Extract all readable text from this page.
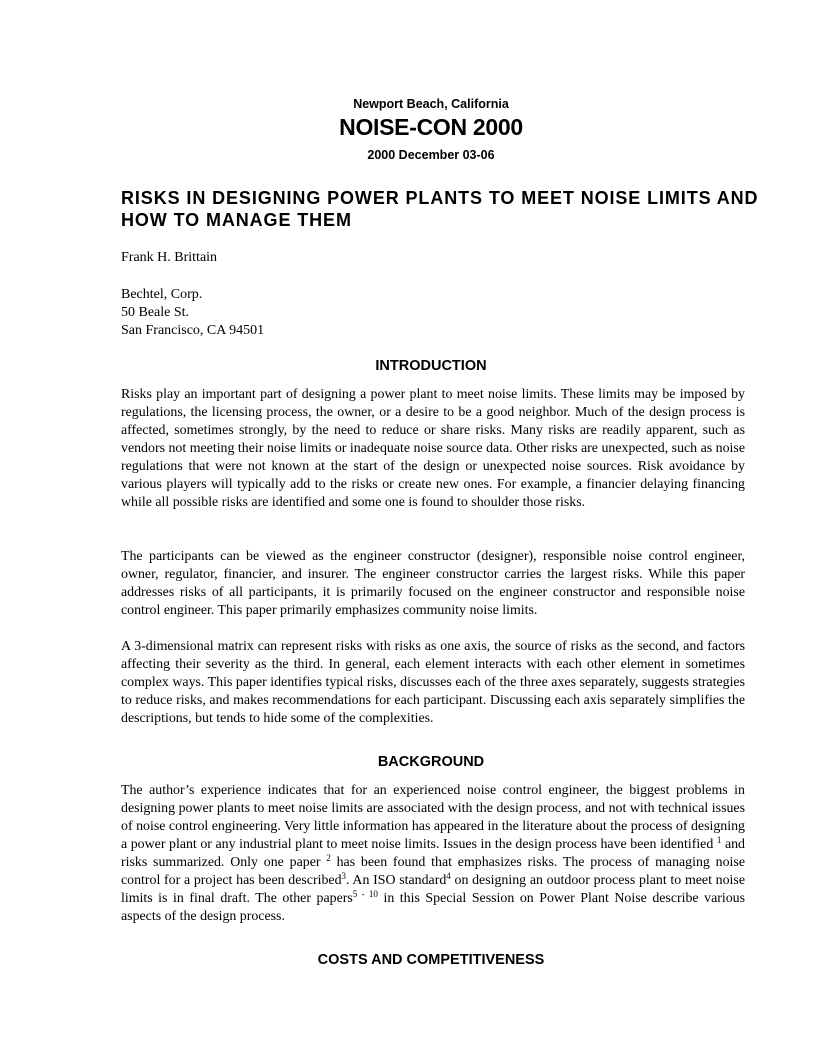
Newport Beach, California
NOISE-CON 2000
2000 December 03-06
RISKS IN DESIGNING POWER PLANTS TO MEET NOISE LIMITS AND HOW TO MANAGE THEM
Frank H. Brittain
Bechtel, Corp.
50 Beale St.
San Francisco, CA 94501
INTRODUCTION
Risks play an important part of designing a power plant to meet noise limits. These limits may be imposed by regulations, the licensing process, the owner, or a desire to be a good neighbor. Much of the design process is affected, sometimes strongly, by the need to reduce or share risks. Many risks are readily apparent, such as vendors not meeting their noise limits or inadequate noise source data. Other risks are unexpected, such as noise regulations that were not known at the start of the design or unexpected noise sources. Risk avoidance by various players will typically add to the risks or create new ones. For example, a financier delaying financing while all possible risks are identified and some one is found to shoulder those risks.
The participants can be viewed as the engineer constructor (designer), responsible noise control engineer, owner, regulator, financier, and insurer. The engineer constructor carries the largest risks. While this paper addresses risks of all participants, it is primarily focused on the engineer constructor and responsible noise control engineer. This paper primarily emphasizes community noise limits.
A 3-dimensional matrix can represent risks with risks as one axis, the source of risks as the second, and factors affecting their severity as the third. In general, each element interacts with each other element in sometimes complex ways. This paper identifies typical risks, discusses each of the three axes separately, suggests strategies to reduce risks, and makes recommendations for each participant. Discussing each axis separately simplifies the descriptions, but tends to hide some of the complexities.
BACKGROUND
The author’s experience indicates that for an experienced noise control engineer, the biggest problems in designing power plants to meet noise limits are associated with the design process, and not with technical issues of noise control engineering. Very little information has appeared in the literature about the process of designing a power plant or any industrial plant to meet noise limits. Issues in the design process have been identified $^1$ and risks summarized. Only one paper $^2$ has been found that emphasizes risks. The process of managing noise control for a project has been described$^3$. An ISO standard$^4$ on designing an outdoor process plant to meet noise limits is in final draft. The other papers$^{5 - 10}$ in this Special Session on Power Plant Noise describe various aspects of the design process.
COSTS AND COMPETITIVENESS
